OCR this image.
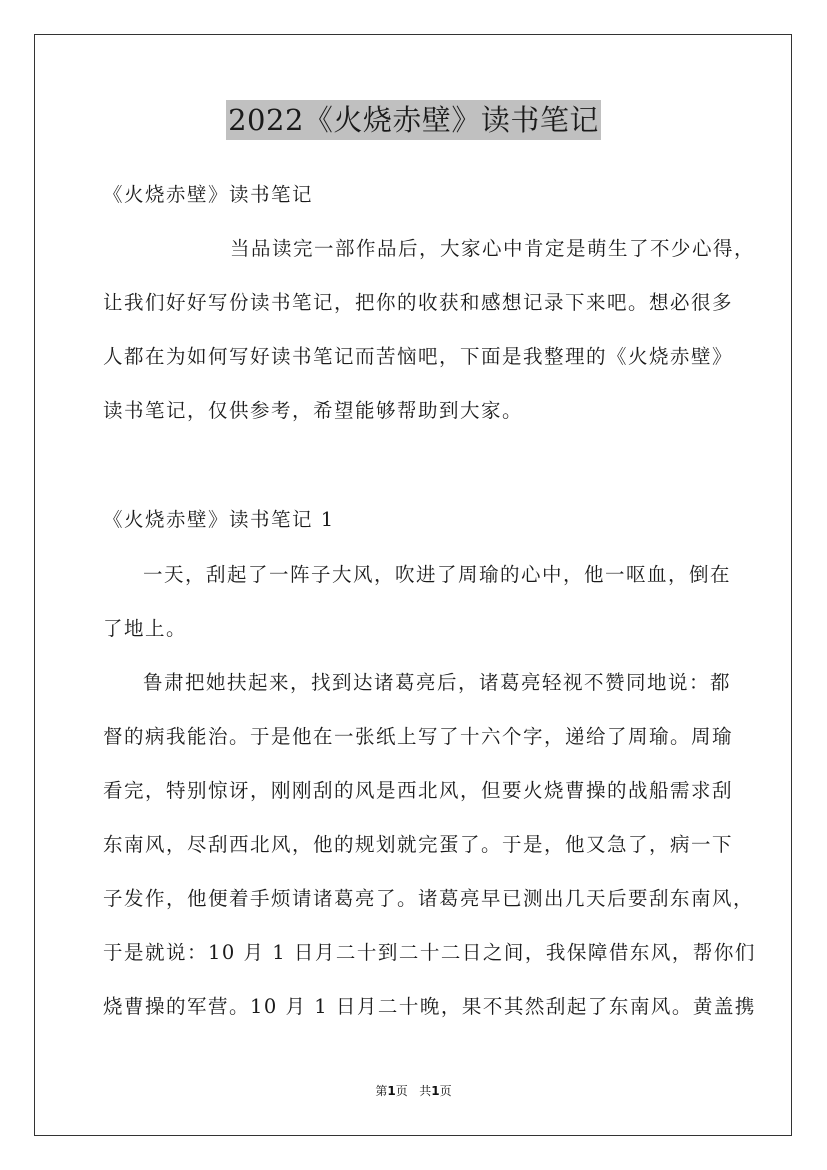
2022《火烧赤壁》读书笔记
《火烧赤壁》读书笔记
当品读完一部作品后，大家心中肯定是萌生了不少心得，
让我们好好写份读书笔记，把你的收获和感想记录下来吧。想必很多
人都在为如何写好读书笔记而苦恼吧，下面是我整理的《火烧赤壁》
读书笔记，仅供参考，希望能够帮助到大家。
《火烧赤壁》读书笔记 1
一天，刮起了一阵子大风，吹进了周瑜的心中，他一呕血，倒在
了地上。
鲁肃把她扶起来，找到达诸葛亮后，诸葛亮轻视不赞同地说：都
督的病我能治。于是他在一张纸上写了十六个字，递给了周瑜。周瑜
看完，特别惊讶，刚刚刮的风是西北风，但要火烧曹操的战船需求刮
东南风，尽刮西北风，他的规划就完蛋了。于是，他又急了，病一下
子发作，他便着手烦请诸葛亮了。诸葛亮早已测出几天后要刮东南风，
于是就说：10 月 1 日月二十到二十二日之间，我保障借东风，帮你们
烧曹操的军营。10 月 1 日月二十晚，果不其然刮起了东南风。黄盖携
第1页 共1页
